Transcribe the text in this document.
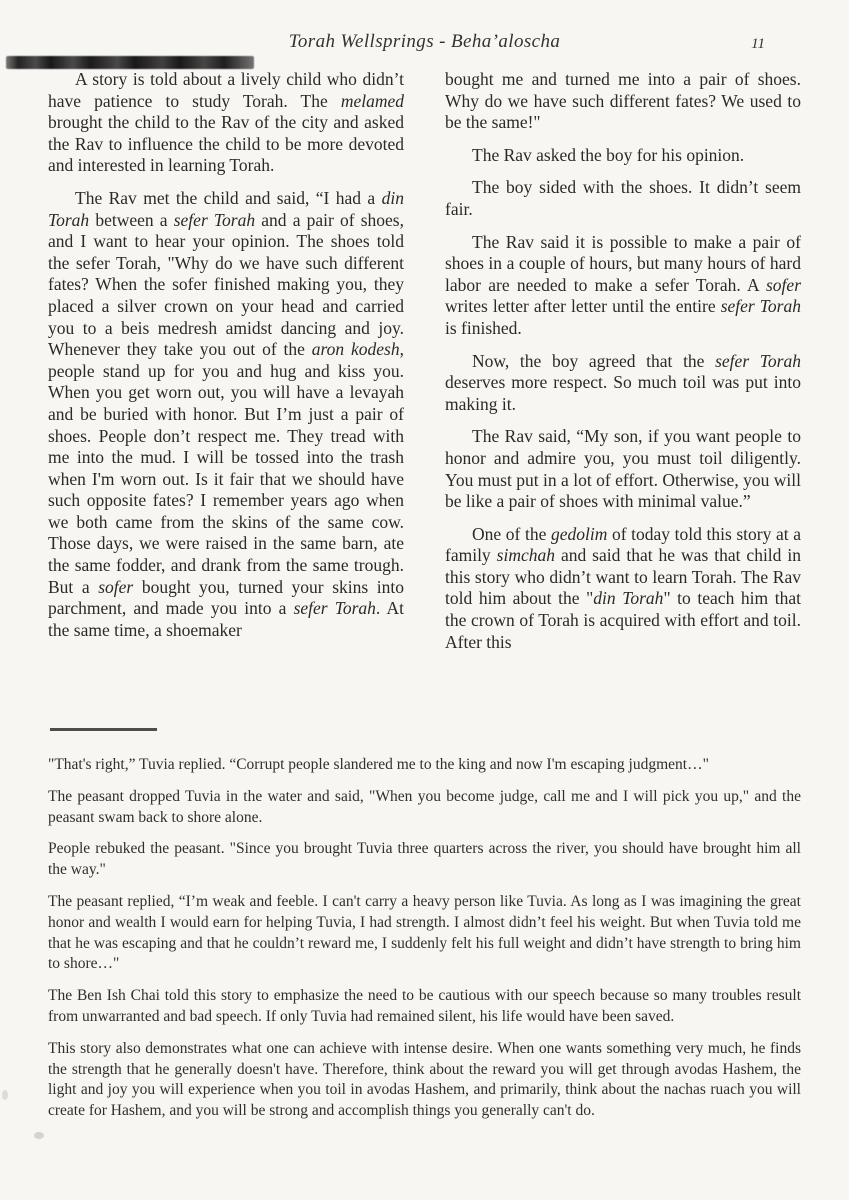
Torah Wellsprings - Beha’aloscha	11

A story is told about a lively child who didn’t have patience to study Torah. The melamed brought the child to the Rav of the city and asked the Rav to influence the child to be more devoted and interested in learning Torah.

The Rav met the child and said, “I had a din Torah between a sefer Torah and a pair of shoes, and I want to hear your opinion. The shoes told the sefer Torah, "Why do we have such different fates? When the sofer finished making you, they placed a silver crown on your head and carried you to a beis medresh amidst dancing and joy. Whenever they take you out of the aron kodesh, people stand up for you and hug and kiss you. When you get worn out, you will have a levayah and be buried with honor. But I’m just a pair of shoes. People don’t respect me. They tread with me into the mud. I will be tossed into the trash when I'm worn out. Is it fair that we should have such opposite fates? I remember years ago when we both came from the skins of the same cow. Those days, we were raised in the same barn, ate the same fodder, and drank from the same trough. But a sofer bought you, turned your skins into parchment, and made you into a sefer Torah. At the same time, a shoemaker

bought me and turned me into a pair of shoes. Why do we have such different fates? We used to be the same!"

The Rav asked the boy for his opinion.

The boy sided with the shoes. It didn’t seem fair.

The Rav said it is possible to make a pair of shoes in a couple of hours, but many hours of hard labor are needed to make a sefer Torah. A sofer writes letter after letter until the entire sefer Torah is finished.

Now, the boy agreed that the sefer Torah deserves more respect. So much toil was put into making it.

The Rav said, “My son, if you want people to honor and admire you, you must toil diligently. You must put in a lot of effort. Otherwise, you will be like a pair of shoes with minimal value.”

One of the gedolim of today told this story at a family simchah and said that he was that child in this story who didn’t want to learn Torah. The Rav told him about the "din Torah" to teach him that the crown of Torah is acquired with effort and toil. After this

"That's right,” Tuvia replied. “Corrupt people slandered me to the king and now I'm escaping judgment…"

The peasant dropped Tuvia in the water and said, "When you become judge, call me and I will pick you up," and the peasant swam back to shore alone.

People rebuked the peasant. "Since you brought Tuvia three quarters across the river, you should have brought him all the way."

The peasant replied, “I’m weak and feeble. I can't carry a heavy person like Tuvia. As long as I was imagining the great honor and wealth I would earn for helping Tuvia, I had strength. I almost didn’t feel his weight. But when Tuvia told me that he was escaping and that he couldn’t reward me, I suddenly felt his full weight and didn’t have strength to bring him to shore…"

The Ben Ish Chai told this story to emphasize the need to be cautious with our speech because so many troubles result from unwarranted and bad speech. If only Tuvia had remained silent, his life would have been saved.

This story also demonstrates what one can achieve with intense desire. When one wants something very much, he finds the strength that he generally doesn't have. Therefore, think about the reward you will get through avodas Hashem, the light and joy you will experience when you toil in avodas Hashem, and primarily, think about the nachas ruach you will create for Hashem, and you will be strong and accomplish things you generally can't do.
